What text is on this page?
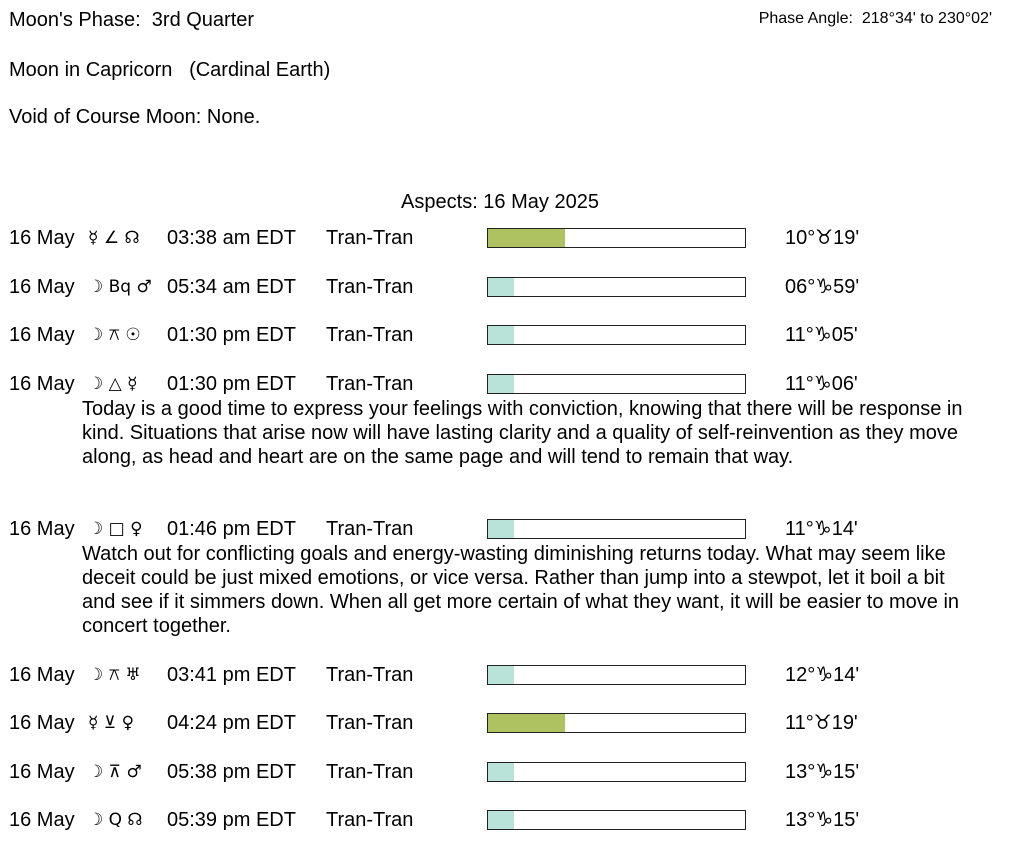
Moon's Phase:  3rd Quarter	Phase Angle:  218°34' to 230°02'
Moon in Capricorn   (Cardinal Earth)
Void of Course Moon: None.
Aspects: 16 May 2025
16 May ☿ ∠ ☊	03:38 am EDT Tran-Tran	10°♉19'
16 May ☽ Bq ♂ 05:34 am EDT Tran-Tran	06°♑59'
16 May ☽ ⚻ ☉	01:30 pm EDT Tran-Tran	11°♑05'
16 May ☽ △ ☿	01:30 pm EDT Tran-Tran	11°♑06'
Today is a good time to express your feelings with conviction, knowing that there will be response in kind. Situations that arise now will have lasting clarity and a quality of self-reinvention as they move along, as head and heart are on the same page and will tend to remain that way.
16 May ☽ □ ♀	01:46 pm EDT Tran-Tran	11°♑14'
Watch out for conflicting goals and energy-wasting diminishing returns today. What may seem like deceit could be just mixed emotions, or vice versa. Rather than jump into a stewpot, let it boil a bit and see if it simmers down. When all get more certain of what they want, it will be easier to move in concert together.
16 May ☽ ⚻ ♅	03:41 pm EDT Tran-Tran	12°♑14'
16 May ☿ ⊻ ♀	04:24 pm EDT Tran-Tran	11°♉19'
16 May ☽ ⊼ ♂	05:38 pm EDT Tran-Tran	13°♑15'
16 May ☽ Q ☊	05:39 pm EDT Tran-Tran	13°♑15'
